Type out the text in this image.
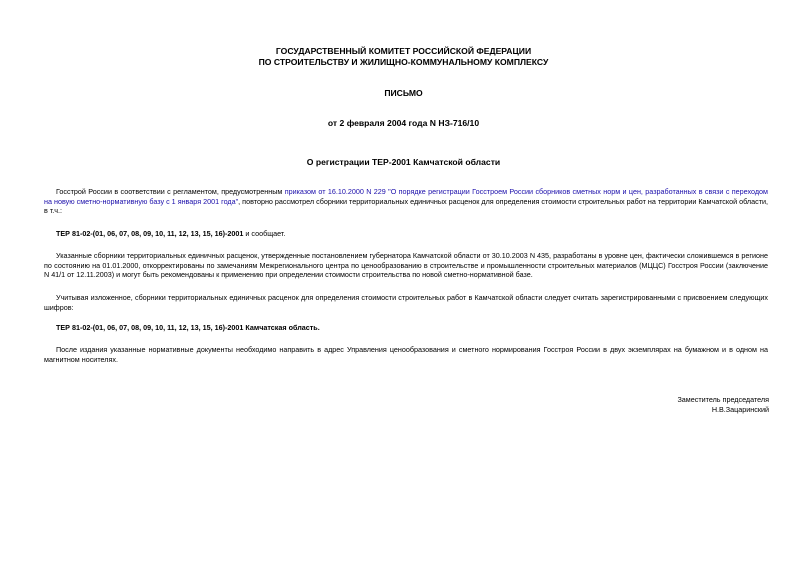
ГОСУДАРСТВЕННЫЙ КОМИТЕТ РОССИЙСКОЙ ФЕДЕРАЦИИ
ПО СТРОИТЕЛЬСТВУ И ЖИЛИЩНО-КОММУНАЛЬНОМУ КОМПЛЕКСУ
ПИСЬМО
от 2 февраля 2004 года N НЗ-716/10
О регистрации ТЕР-2001 Камчатской области
Госстрой России в соответствии с регламентом, предусмотренным приказом от 16.10.2000 N 229 "О порядке регистрации Госстроем России сборников сметных норм и цен, разработанных в связи с переходом на новую сметно-нормативную базу с 1 января 2001 года", повторно рассмотрел сборники территориальных единичных расценок для определения стоимости строительных работ на территории Камчатской области, в т.ч.:
ТЕР 81-02-(01, 06, 07, 08, 09, 10, 11, 12, 13, 15, 16)-2001 и сообщает.
Указанные сборники территориальных единичных расценок, утвержденные постановлением губернатора Камчатской области от 30.10.2003 N 435, разработаны в уровне цен, фактически сложившемся в регионе по состоянию на 01.01.2000, откорректированы по замечаниям Межрегионального центра по ценообразованию в строительстве и промышленности строительных материалов (МЦЦС) Госстроя России (заключение N 41/1 от 12.11.2003) и могут быть рекомендованы к применению при определении стоимости строительства по новой сметно-нормативной базе.
Учитывая изложенное, сборники территориальных единичных расценок для определения стоимости строительных работ в Камчатской области следует считать зарегистрированными с присвоением следующих шифров:
ТЕР 81-02-(01, 06, 07, 08, 09, 10, 11, 12, 13, 15, 16)-2001 Камчатская область.
После издания указанные нормативные документы необходимо направить в адрес Управления ценообразования и сметного нормирования Госстроя России в двух экземплярах на бумажном и в одном на магнитном носителях.
Заместитель председателя
Н.В.Зацаринский
